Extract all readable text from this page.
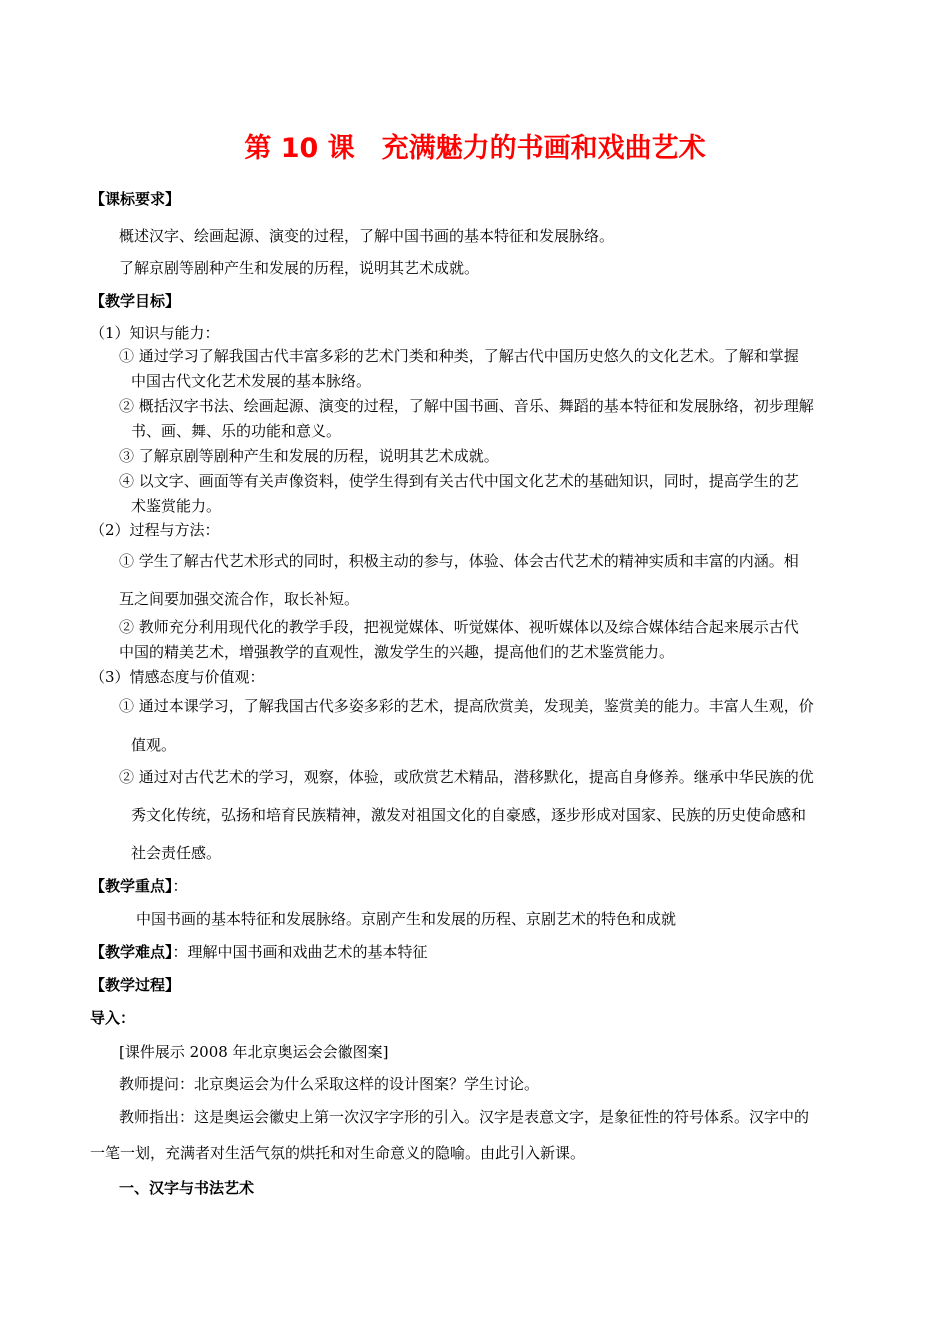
第 10 课　充满魅力的书画和戏曲艺术
【课标要求】
概述汉字、绘画起源、演变的过程，了解中国书画的基本特征和发展脉络。
了解京剧等剧种产生和发展的历程，说明其艺术成就。
【教学目标】
（1）知识与能力：
① 通过学习了解我国古代丰富多彩的艺术门类和种类，了解古代中国历史悠久的文化艺术。了解和掌握
中国古代文化艺术发展的基本脉络。
② 概括汉字书法、绘画起源、演变的过程，了解中国书画、音乐、舞蹈的基本特征和发展脉络，初步理解
书、画、舞、乐的功能和意义。
③ 了解京剧等剧种产生和发展的历程，说明其艺术成就。
④ 以文字、画面等有关声像资料，使学生得到有关古代中国文化艺术的基础知识，同时，提高学生的艺
术鉴赏能力。
（2）过程与方法：
① 学生了解古代艺术形式的同时，积极主动的参与，体验、体会古代艺术的精神实质和丰富的内涵。相
互之间要加强交流合作，取长补短。
② 教师充分利用现代化的教学手段，把视觉媒体、听觉媒体、视听媒体以及综合媒体结合起来展示古代
中国的精美艺术，增强教学的直观性，激发学生的兴趣，提高他们的艺术鉴赏能力。
（3）情感态度与价值观：
① 通过本课学习，了解我国古代多姿多彩的艺术，提高欣赏美，发现美，鉴赏美的能力。丰富人生观，价
值观。
② 通过对古代艺术的学习，观察，体验，或欣赏艺术精品，潜移默化，提高自身修养。继承中华民族的优
秀文化传统，弘扬和培育民族精神，激发对祖国文化的自豪感，逐步形成对国家、民族的历史使命感和
社会责任感。
【教学重点】：
中国书画的基本特征和发展脉络。京剧产生和发展的历程、京剧艺术的特色和成就
【教学难点】：理解中国书画和戏曲艺术的基本特征
【教学过程】
导入：
[课件展示 2008 年北京奥运会会徽图案]
教师提问：北京奥运会为什么采取这样的设计图案？学生讨论。
教师指出：这是奥运会徽史上第一次汉字字形的引入。汉字是表意文字，是象征性的符号体系。汉字中的
一笔一划，充满者对生活气氛的烘托和对生命意义的隐喻。由此引入新课。
一、汉字与书法艺术
